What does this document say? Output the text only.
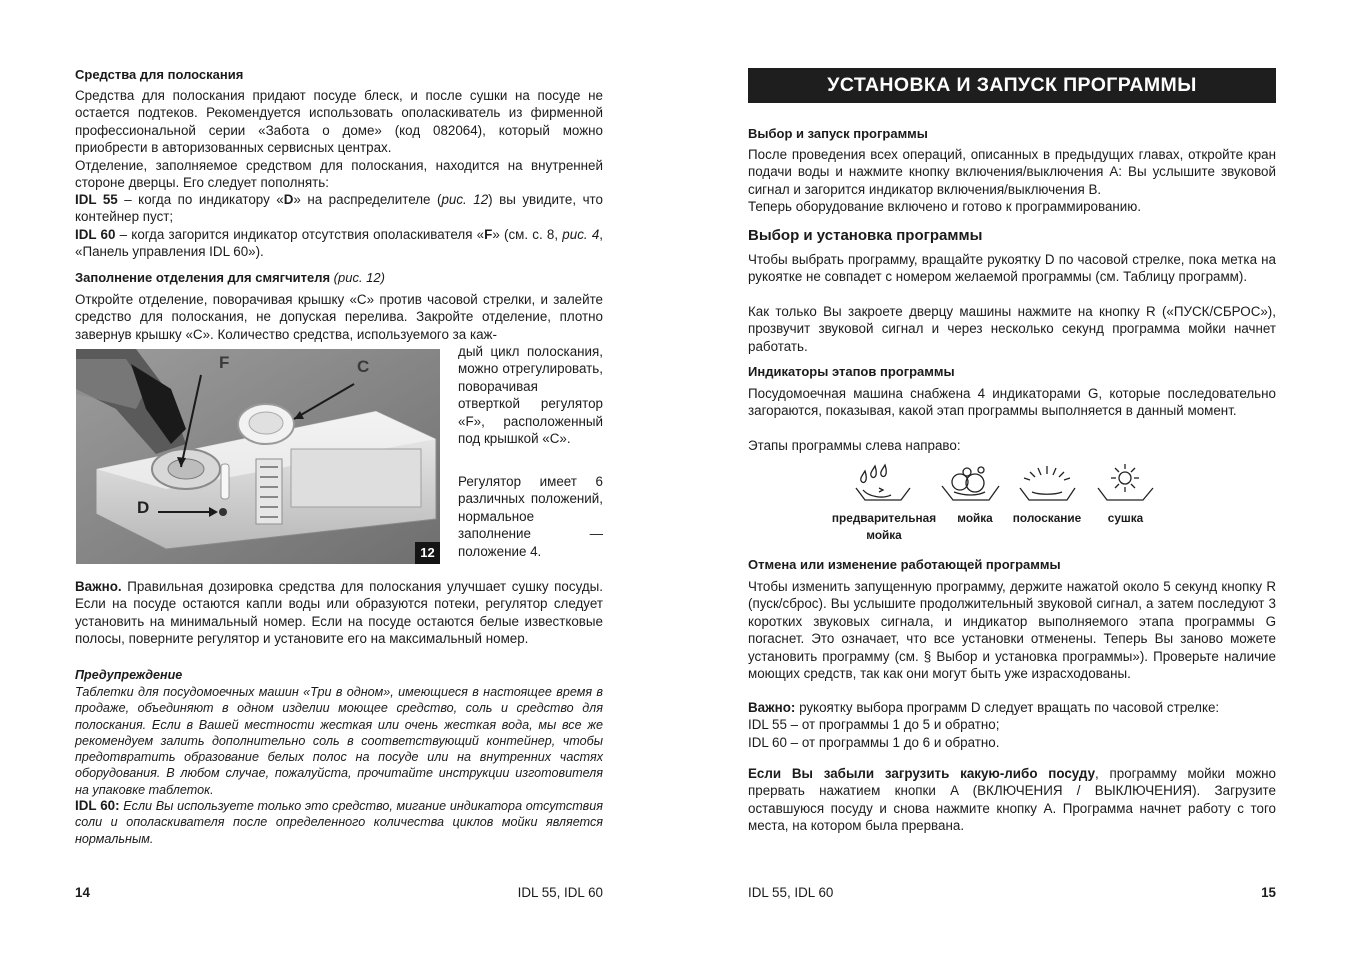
Средства для полоскания

Средства для полоскания придают посуде блеск, и после сушки на посуде не остается подтеков. Рекомендуется использовать ополаскиватель из фирменной профессиональной серии «Забота о доме» (код 082064), который можно приобрести в авторизованных сервисных центрах.

Отделение, заполняемое средством для полоскания, находится на внутренней стороне дверцы. Его следует пополнять:

IDL 55 – когда по индикатору «D» на распределителе (рис. 12) вы увидите, что контейнер пуст;

IDL 60 – когда загорится индикатор отсутствия ополаскивателя «F» (см. с. 8, рис. 4, «Панель управления IDL 60»).

Заполнение отделения для смягчителя (рис. 12)

Откройте отделение, поворачивая крышку «C» против часовой стрелки, и залейте средство для полоскания, не допуская перелива. Закройте отделение, плотно завернув крышку «C». Количество средства, используемого за каж-

дый цикл полоскания, можно отрегулировать, поворачивая отверткой регулятор «F», расположенный под крышкой «C».

Регулятор имеет 6 различных положений, нормальное заполнение — положение 4.

Важно. Правильная дозировка средства для полоскания улучшает сушку посуды. Если на посуде остаются капли воды или образуются потеки, регулятор следует установить на минимальный номер. Если на посуде остаются белые известковые полосы, поверните регулятор и установите его на максимальный номер.

Предупреждение

Таблетки для посудомоечных машин «Три в одном», имеющиеся в настоящее время в продаже, объединяют в одном изделии моющее средство, соль и средство для полоскания. Если в Вашей местности жесткая или очень жесткая вода, мы все же рекомендуем залить дополнительно соль в соответствующий контейнер, чтобы предотвратить образование белых полос на посуде или на внутренних частях оборудования. В любом случае, пожалуйста, прочитайте инструкции изготовителя на упаковке таблеток.

IDL 60: Если Вы используете только это средство, мигание индикатора отсутствия соли и ополаскивателя после определенного количества циклов мойки является нормальным.

14	IDL 55, IDL 60
F	C
D
12
УСТАНОВКА И ЗАПУСК ПРОГРАММЫ

Выбор и запуск программы

После проведения всех операций, описанных в предыдущих главах, откройте кран подачи воды и нажмите кнопку включения/выключения A: Вы услышите звуковой сигнал и загорится индикатор включения/выключения B.

Теперь оборудование включено и готово к программированию.

Выбор и установка программы

Чтобы выбрать программу, вращайте рукоятку D по часовой стрелке, пока метка на рукоятке не совпадет с номером желаемой программы (см. Таблицу программ).

Как только Вы закроете дверцу машины нажмите на кнопку R («ПУСК/СБРОС»), прозвучит звуковой сигнал и через несколько секунд программа мойки начнет работать.

Индикаторы этапов программы

Посудомоечная машина снабжена 4 индикаторами G, которые последовательно загораются, показывая, какой этап программы выполняется в данный момент.

Этапы программы слева направо:

Отмена или изменение работающей программы

Чтобы изменить запущенную программу, держите нажатой около 5 секунд кнопку R (пуск/сброс). Вы услышите продолжительный звуковой сигнал, а затем последуют 3 коротких звуковых сигнала, и индикатор выполняемого этапа программы G погаснет. Это означает, что все установки отменены. Теперь Вы заново можете установить программу (см. § Выбор и установка программы»). Проверьте наличие моющих средств, так как они могут быть уже израсходованы.

Важно: рукоятку выбора программ D следует вращать по часовой стрелке:

IDL 55 – от программы 1 до 5 и обратно;

IDL 60 – от программы 1 до 6 и обратно.

Если Вы забыли загрузить какую-либо посуду, программу мойки можно прервать нажатием кнопки A (ВКЛЮЧЕНИЯ / ВЫКЛЮЧЕНИЯ). Загрузите оставшуюся посуду и снова нажмите кнопку A. Программа начнет работу с того места, на котором была прервана.

IDL 55, IDL 60	15
предварительная
мойка
мойка	полоскание	сушка
